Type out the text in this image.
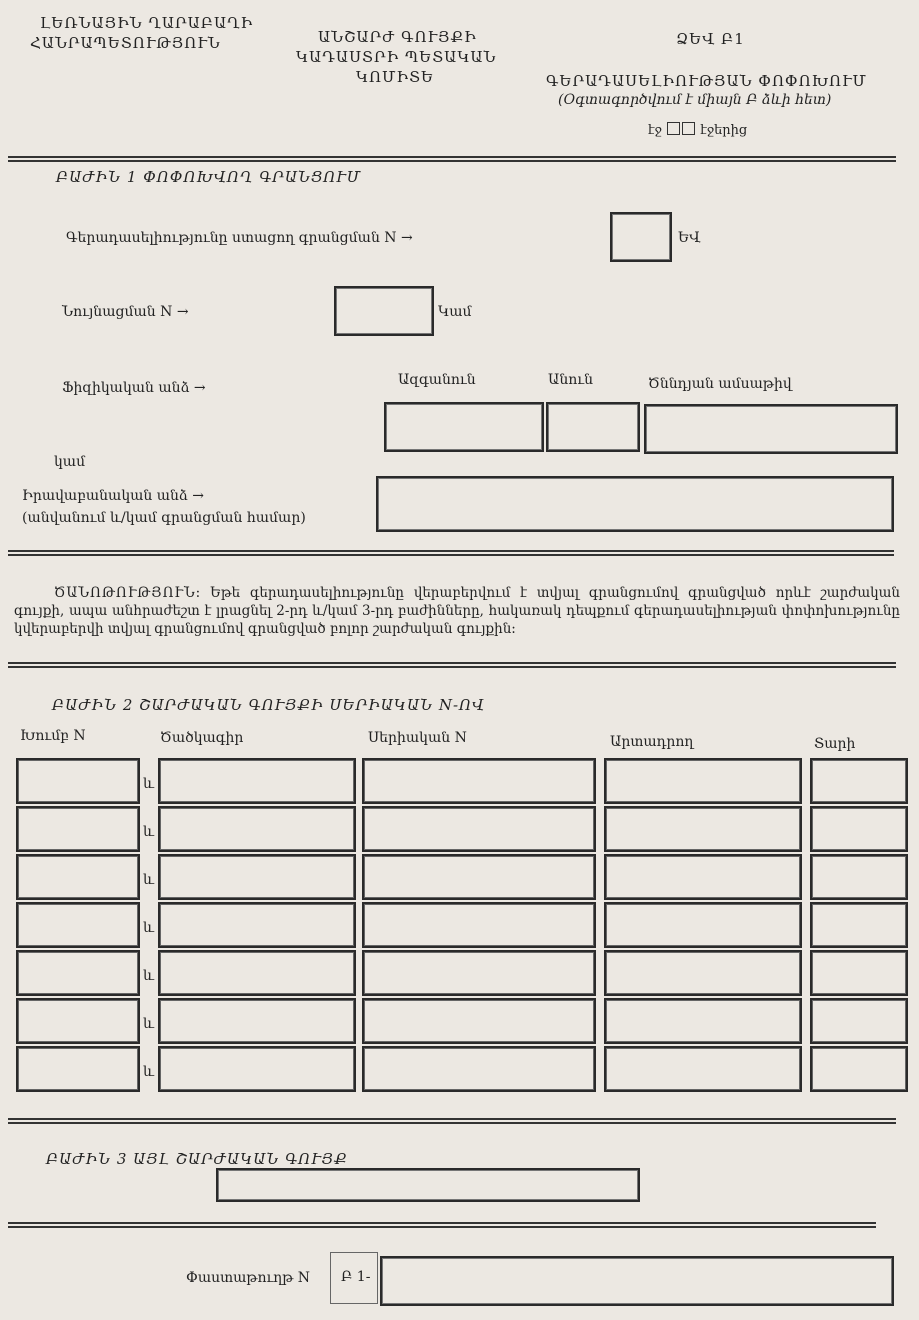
ԼԵՌՆԱՅԻՆ ՂԱՐԱԲԱՂԻ
ՀԱՆՐԱՊԵՏՈՒԹՅՈՒՆ	ԱՆՇԱՐԺ ԳՈՒՅՔԻ
ԿԱԴԱՍՏՐԻ ՊԵՏԱԿԱՆ
ԿՈՄԻՏԵ
ՁԵՎ Բ1
ԳԵՐԱԴԱՍԵԼԻՈՒԹՅԱՆ ՓՈՓՈԽՈՒՄ
(Օգտագործվում է միայն Բ ձևի հետ)
էջ	էջերից
ԲԱԺԻՆ 1 ՓՈՓՈԽՎՈՂ ԳՐԱՆՑՈՒՄ
Գերադասելիությունը ստացող գրանցման N →	ԵՎ
Նույնացման N →	Կամ
Ֆիզիկական անձ →	Ազգանուն	Անուն	Ծննդյան ամսաթիվ
կամ
Իրավաբանական անձ →
(անվանում և/կամ գրանցման համար)
ԾԱՆՈԹՈՒԹՅՈՒՆ։ Եթե գերադասելիությունը վերաբերվում է տվյալ գրանցումով գրանցված որևէ շարժական գույքի, ապա անհրաժեշտ է լրացնել 2-րդ և/կամ 3-րդ բաժինները, հակառակ դեպքում գերադասելիության փոփոխությունը կվերաբերվի տվյալ գրանցումով գրանցված բոլոր շարժական գույքին:
ԲԱԺԻՆ 2 ՇԱՐԺԱԿԱՆ ԳՈՒՅՔԻ ՍԵՐԻԱԿԱՆ N-ՈՎ
Խումբ N	Ծածկագիր	Սերիական N	Արտադրող	Տարի
և
և
և
և
և
և
և
ԲԱԺԻՆ 3 ԱՅԼ ՇԱՐԺԱԿԱՆ ԳՈՒՅՔ
Փաստաթուղթ N Բ 1-
